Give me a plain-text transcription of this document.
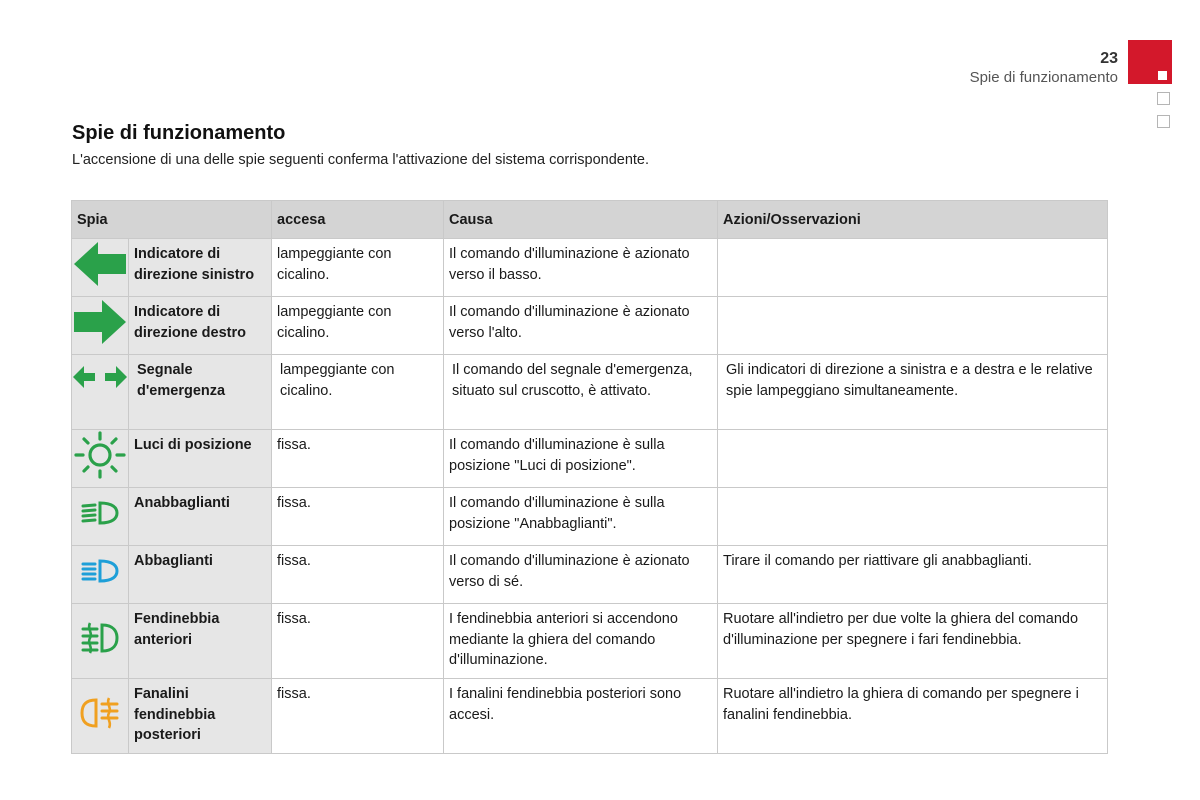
23
Spie di funzionamento
Spie di funzionamento

L'accensione di una delle spie seguenti conferma l'attivazione del sistema corrispondente.

Spia		accesa	Causa	Azioni/Osservazioni
	Indicatore di direzione sinistro	lampeggiante con cicalino.	Il comando d'illuminazione è azionato verso il basso.	
	Indicatore di direzione destro	lampeggiante con cicalino.	Il comando d'illuminazione è azionato verso l'alto.	
	Segnale d'emergenza	lampeggiante con cicalino.	Il comando del segnale d'emergenza, situato sul cruscotto, è attivato.	Gli indicatori di direzione a sinistra e a destra e le relative spie lampeggiano simultaneamente.
	Luci di posizione	fissa.	Il comando d'illuminazione è sulla posizione "Luci di posizione".	
	Anabbaglianti	fissa.	Il comando d'illuminazione è sulla posizione "Anabbaglianti".	
	Abbaglianti	fissa.	Il comando d'illuminazione è azionato verso di sé.	Tirare il comando per riattivare gli anabbaglianti.
	Fendinebbia anteriori	fissa.	I fendinebbia anteriori si accendono mediante la ghiera del comando d'illuminazione.	Ruotare all'indietro per due volte la ghiera del comando d'illuminazione per spegnere i fari fendinebbia.
	Fanalini fendinebbia posteriori	fissa.	I fanalini fendinebbia posteriori sono accesi.	Ruotare all'indietro la ghiera di comando per spegnere i fanalini fendinebbia.
